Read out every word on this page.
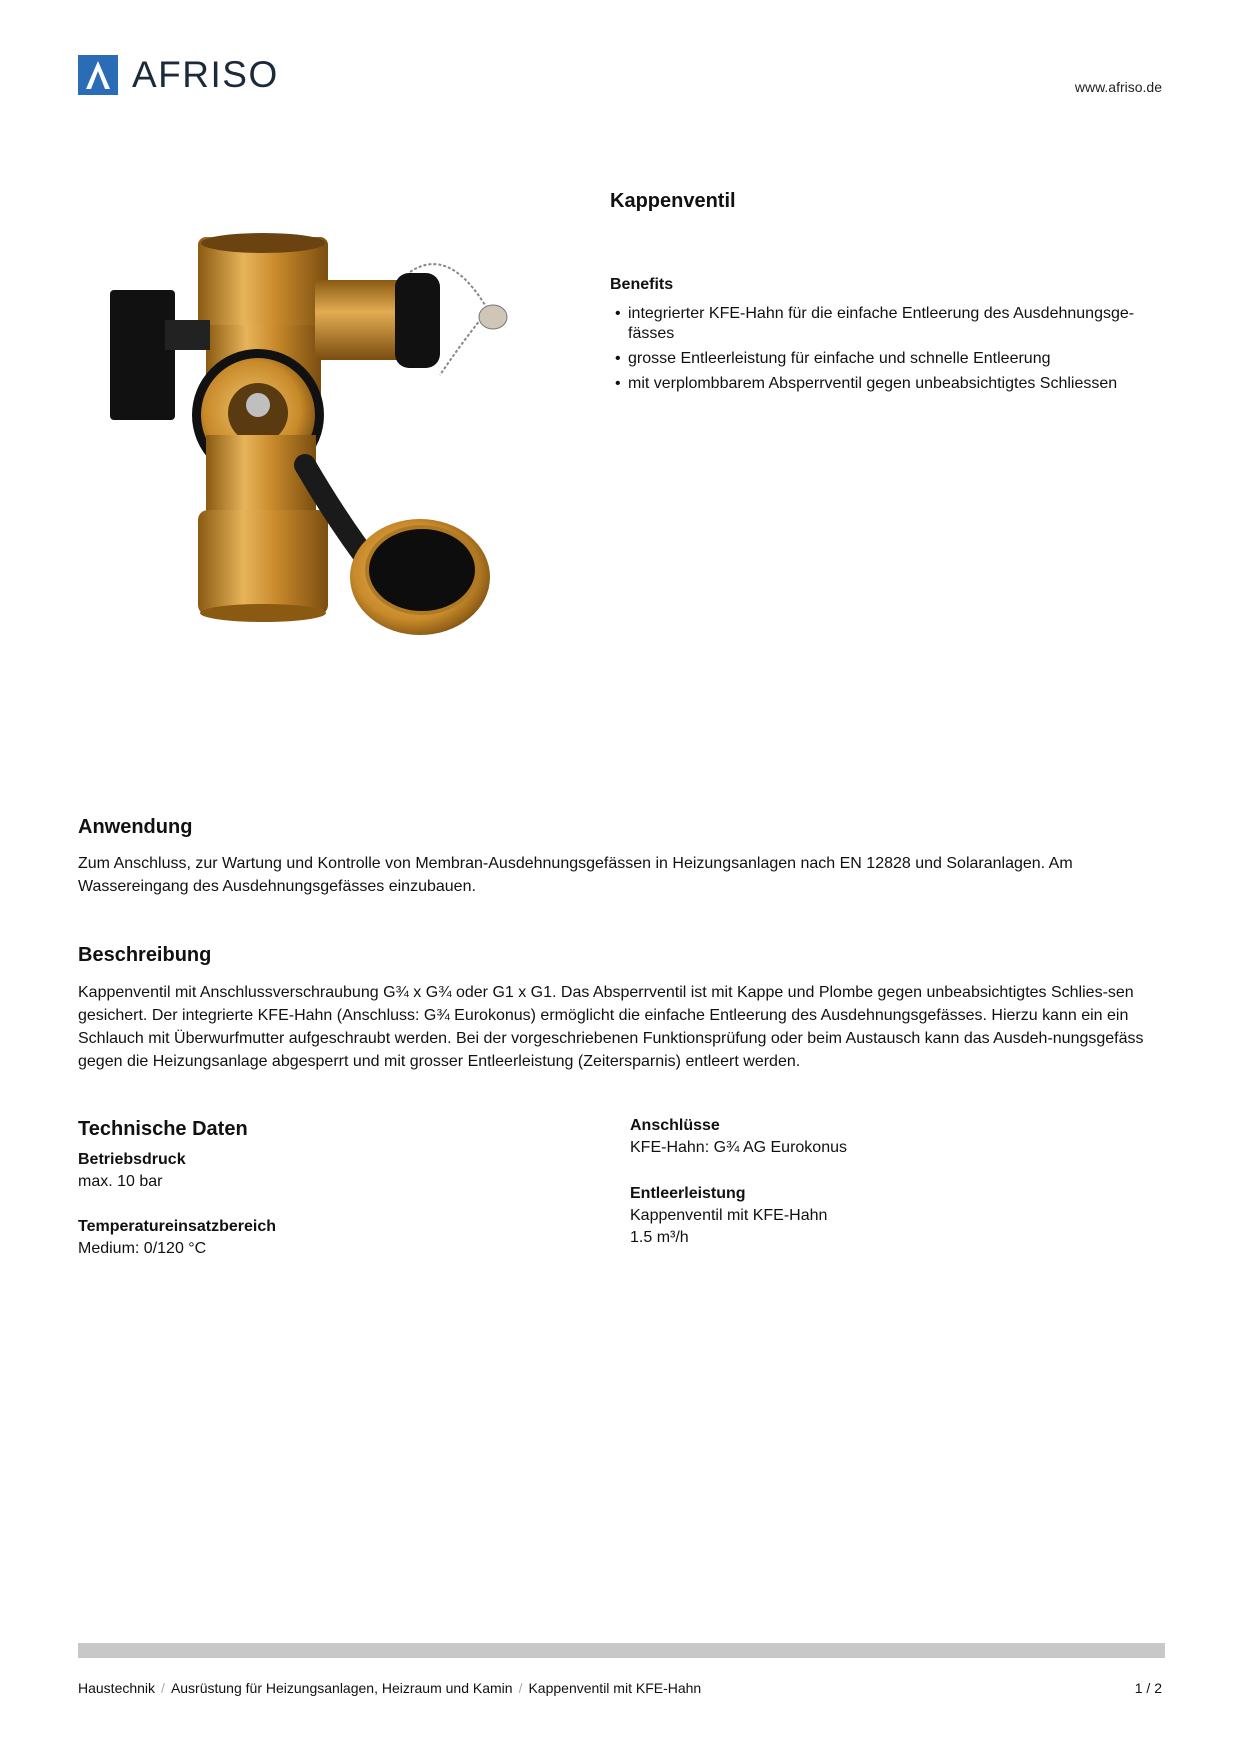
AFRISO	www.afriso.de
Kappenventil
Benefits
• integrierter KFE-Hahn für die einfache Entleerung des Ausdehnungsge-fässes
• grosse Entleerleistung für einfache und schnelle Entleerung
• mit verplombbarem Absperrventil gegen unbeabsichtigtes Schliessen
Anwendung

Zum Anschluss, zur Wartung und Kontrolle von Membran-Ausdehnungsgefässen in Heizungsanlagen nach EN 12828 und Solaranlagen. Am Wassereingang des Ausdehnungsgefässes einzubauen.

Beschreibung

Kappenventil mit Anschlussverschraubung G¾ x G¾ oder G1 x G1. Das Absperrventil ist mit Kappe und Plombe gegen unbeabsichtigtes Schlies-sen gesichert. Der integrierte KFE-Hahn (Anschluss: G¾ Eurokonus) ermöglicht die einfache Entleerung des Ausdehnungsgefässes. Hierzu kann ein ein Schlauch mit Überwurfmutter aufgeschraubt werden. Bei der vorgeschriebenen Funktionsprüfung oder beim Austausch kann das Ausdeh-nungsgefäss gegen die Heizungsanlage abgesperrt und mit grosser Entleerleistung (Zeitersparnis) entleert werden.

Technische Daten
Betriebsdruck
max. 10 bar
Temperatureinsatzbereich
Medium: 0/120 °C
Anschlüsse
KFE-Hahn: G¾ AG Eurokonus
Entleerleistung
Kappenventil mit KFE-Hahn
1.5 m³/h
Haustechnik / Ausrüstung für Heizungsanlagen, Heizraum und Kamin / Kappenventil mit KFE-Hahn	1 / 2
